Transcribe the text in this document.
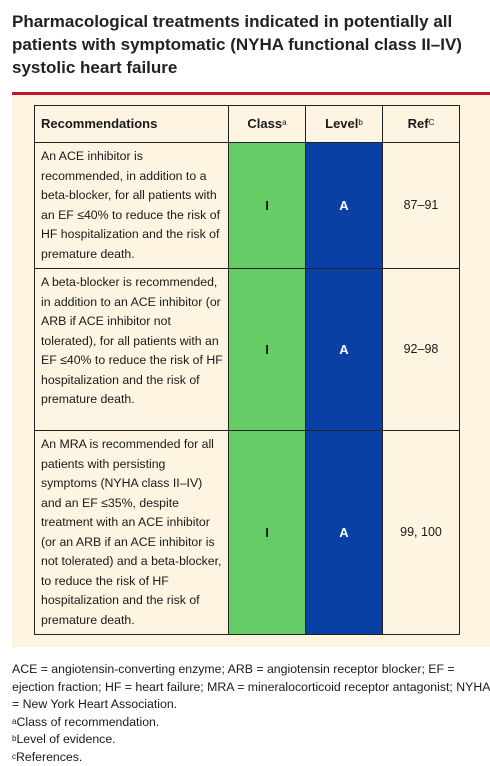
Pharmacological treatments indicated in potentially all patients with symptomatic (NYHA functional class II–IV) systolic heart failure
Recommendations	Class$^a$	Level$^b$	Ref$^C$

An ACE inhibitor is recommended, in addition to a beta-blocker, for all patients with an EF ≤40% to reduce the risk of HF hospitalization and the risk of premature death.	I	A	87–91

A beta-blocker is recommended, in addition to an ACE inhibitor (or ARB if ACE inhibitor not tolerated), for all patients with an EF ≤40% to reduce the risk of HF hospitalization and the risk of premature death.	I	A	92–98

An MRA is recommended for all patients with persisting symptoms (NYHA class II–IV) and an EF ≤35%, despite treatment with an ACE inhibitor (or an ARB if an ACE inhibitor is not tolerated) and a beta-blocker, to reduce the risk of HF hospitalization and the risk of premature death.	I	A	99, 100

ACE = angiotensin-converting enzyme; ARB = angiotensin receptor blocker; EF = ejection fraction; HF = heart failure; MRA = mineralocorticoid receptor antagonist; NYHA = New York Heart Association.

$^a$Class of recommendation.
$^b$Level of evidence.
$^c$References.
